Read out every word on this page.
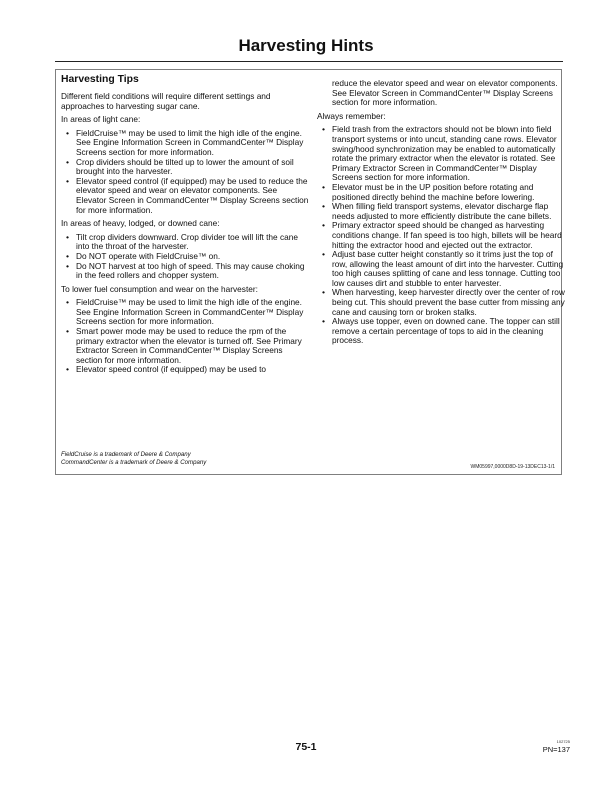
Harvesting Hints
Harvesting Tips

Different field conditions will require different settings and approaches to harvesting sugar cane.

In areas of light cane:

• FieldCruise™ may be used to limit the high idle of the engine. See Engine Information Screen in CommandCenter™ Display Screens section for more information.
• Crop dividers should be tilted up to lower the amount of soil brought into the harvester.
• Elevator speed control (if equipped) may be used to reduce the elevator speed and wear on elevator components. See Elevator Screen in CommandCenter™ Display Screens section for more information.

In areas of heavy, lodged, or downed cane:

• Tilt crop dividers downward. Crop divider toe will lift the cane into the throat of the harvester.
• Do NOT operate with FieldCruise™ on.
• Do NOT harvest at too high of speed. This may cause choking in the feed rollers and chopper system.

To lower fuel consumption and wear on the harvester:

• FieldCruise™ may be used to limit the high idle of the engine. See Engine Information Screen in CommandCenter™ Display Screens section for more information.
• Smart power mode may be used to reduce the rpm of the primary extractor when the elevator is turned off. See Primary Extractor Screen in CommandCenter™ Display Screens section for more information.
• Elevator speed control (if equipped) may be used to

reduce the elevator speed and wear on elevator components. See Elevator Screen in CommandCenter™ Display Screens section for more information.

Always remember:

• Field trash from the extractors should not be blown into field transport systems or into uncut, standing cane rows. Elevator swing/hood synchronization may be enabled to automatically rotate the primary extractor when the elevator is rotated. See Primary Extractor Screen in CommandCenter™ Display Screens section for more information.
• Elevator must be in the UP position before rotating and positioned directly behind the machine before lowering.
• When filling field transport systems, elevator discharge flap needs adjusted to more efficiently distribute the cane billets.
• Primary extractor speed should be changed as harvesting conditions change. If fan speed is too high, billets will be heard hitting the extractor hood and ejected out the extractor.
• Adjust base cutter height constantly so it trims just the top of row, allowing the least amount of dirt into the harvester. Cutting too high causes splitting of cane and less tonnage. Cutting too low causes dirt and stubble to enter harvester.
• When harvesting, keep harvester directly over the center of row being cut. This should prevent the base cutter from missing any cane and causing torn or broken stalks.
• Always use topper, even on downed cane. The topper can still remove a certain percentage of tops to aid in the cleaning process.
FieldCruise is a trademark of Deere & Company
CommandCenter is a trademark of Deere & Company
WM05997,0000D8D-19-13DEC13-1/1
75-1	102725
PN=137
